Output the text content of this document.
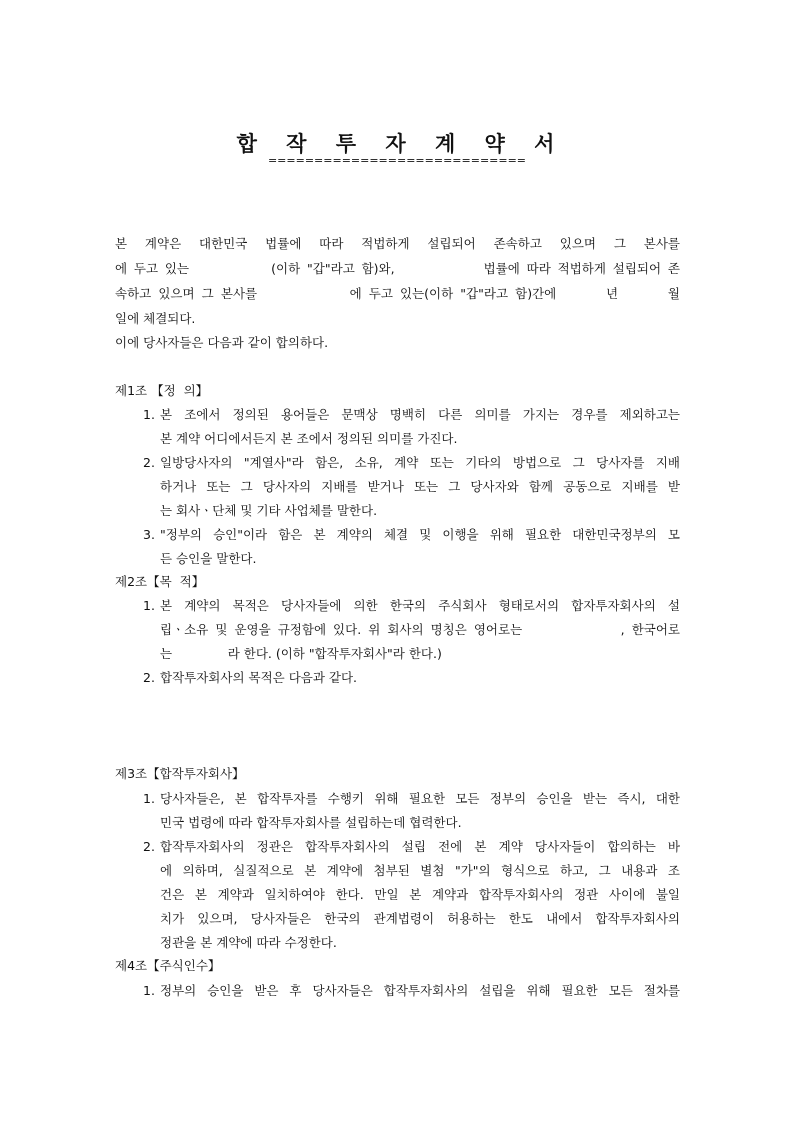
합 작 투 자 계 약 서
============================
본 계약은 대한민국 법률에 따라 적법하게 설립되어 존속하고 있으며 그 본사를
에 두고 있는            (이하 "갑"라고 함)와,             법률에 따라 적법하게 설립되어 존
속하고 있으며 그 본사를             에 두고 있는(이하 "갑"라고 함)간에       년       월
일에 체결되다.
이에 당사자들은 다음과 같이 합의하다.
제1조 【정  의】
1. 본 조에서 정의된 용어들은 문맥상 명백히 다른 의미를 가지는 경우를 제외하고는
본 계약 어디에서든지 본 조에서 정의된 의미를 가진다.
2. 일방당사자의 "계열사"라 함은, 소유, 계약 또는 기타의 방법으로 그 당사자를 지배
하거나 또는 그 당사자의 지배를 받거나 또는 그 당사자와 함께 공동으로 지배를 받
는 회사ㆍ단체 및 기타 사업체를 말한다.
3. "정부의 승인"이라 함은 본 계약의 체결 및 이행을 위해 필요한 대한민국정부의 모
든 승인을 말한다.
제2조【목  적】
1. 본 계약의 목적은 당사자들에 의한 한국의 주식회사 형태로서의 합자투자회사의 설
립ㆍ소유 및 운영을 규정함에 있다. 위 회사의 명칭은 영어로는              , 한국어로
는              라 한다. (이하 "합작투자회사"라 한다.)
2. 합작투자회사의 목적은 다음과 같다.
제3조【합작투자회사】
1. 당사자들은, 본 합작투자를 수행키 위해 필요한 모든 정부의 승인을 받는 즉시, 대한
민국 법령에 따라 합작투자회사를 설립하는데 협력한다.
2. 합작투자회사의 정관은 합작투자회사의 설립 전에 본 계약 당사자들이 합의하는 바
에 의하며, 실질적으로 본 계약에 첨부된 별첨 "가"의 형식으로 하고, 그 내용과 조
건은 본 계약과 일치하여야 한다. 만일 본 계약과 합작투자회사의 정관 사이에 불일
치가 있으며, 당사자들은 한국의 관계법령이 허용하는 한도 내에서 합작투자회사의
정관을 본 계약에 따라 수정한다.
제4조【주식인수】
1. 정부의 승인을 받은 후 당사자들은 합작투자회사의 설립을 위해 필요한 모든 절차를
